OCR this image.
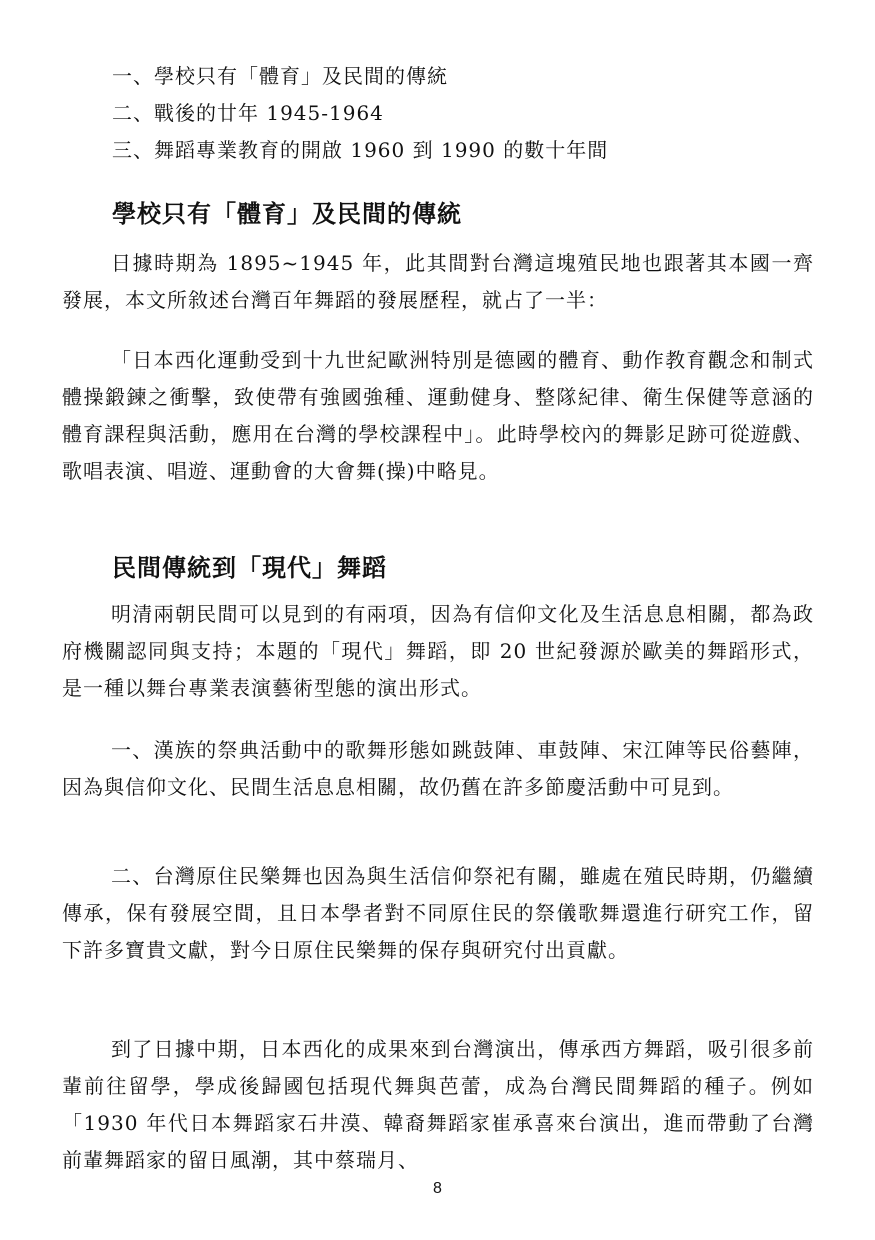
一、學校只有「體育」及民間的傳統
二、戰後的廿年 1945-1964
三、舞蹈專業教育的開啟 1960 到 1990 的數十年間
學校只有「體育」及民間的傳統

日據時期為 1895~1945 年，此其間對台灣這塊殖民地也跟著其本國一齊發展，本文所敘述台灣百年舞蹈的發展歷程，就占了一半：

「日本西化運動受到十九世紀歐洲特別是德國的體育、動作教育觀念和制式體操鍛鍊之衝擊，致使帶有強國強種、運動健身、整隊紀律、衛生保健等意涵的體育課程與活動，應用在台灣的學校課程中」。此時學校內的舞影足跡可從遊戲、歌唱表演、唱遊、運動會的大會舞(操)中略見。

民間傳統到「現代」舞蹈

明清兩朝民間可以見到的有兩項，因為有信仰文化及生活息息相關，都為政府機關認同與支持；本題的「現代」舞蹈，即 20 世紀發源於歐美的舞蹈形式，是一種以舞台專業表演藝術型態的演出形式。

一、漢族的祭典活動中的歌舞形態如跳鼓陣、車鼓陣、宋江陣等民俗藝陣，因為與信仰文化、民間生活息息相關，故仍舊在許多節慶活動中可見到。

二、台灣原住民樂舞也因為與生活信仰祭祀有關，雖處在殖民時期，仍繼續傳承，保有發展空間，且日本學者對不同原住民的祭儀歌舞還進行研究工作，留下許多寶貴文獻，對今日原住民樂舞的保存與研究付出貢獻。

到了日據中期，日本西化的成果來到台灣演出，傳承西方舞蹈，吸引很多前輩前往留學，學成後歸國包括現代舞與芭蕾，成為台灣民間舞蹈的種子。例如「1930 年代日本舞蹈家石井漠、韓裔舞蹈家崔承喜來台演出，進而帶動了台灣前輩舞蹈家的留日風潮，其中蔡瑞月、

8
